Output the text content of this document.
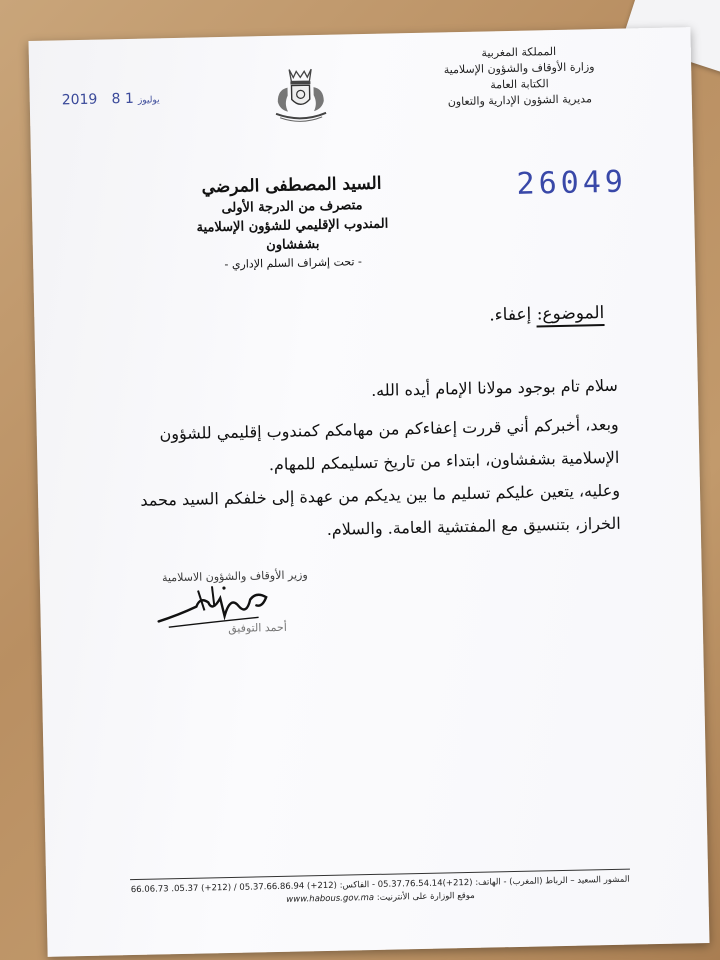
المملكة المغربية
وزارة الأوقاف والشؤون الإسلامية
الكتابة العامة
مديرية الشؤون الإدارية والتعاون
2019	يوليوز 1 8
26049
السيد المصطفى المرضي
متصرف من الدرجة الأولى
المندوب الإقليمي للشؤون الإسلامية بشفشاون
- تحت إشراف السلم الإداري -
الموضوع: إعفاء.

سلام تام بوجود مولانا الإمام أيده الله.

وبعد، أخبركم أني قررت إعفاءكم من مهامكم كمندوب إقليمي للشؤون الإسلامية بشفشاون، ابتداء من تاريخ تسليمكم للمهام.

وعليه، يتعين عليكم تسليم ما بين يديكم من عهدة إلى خلفكم السيد محمد الخراز، بتنسيق مع المفتشية العامة. والسلام.

وزير الأوقاف والشؤون الاسلامية
أحمد التوفيق
المشور السعيد – الرباط (المغرب) - الهاتف: (212+)05.37.76.54.14 - الفاكس: (212+) 05.37.66.86.94 / (212+) 05.37. 66.06.73
موقع الوزارة على الأنترنيت: www.habous.gov.ma
